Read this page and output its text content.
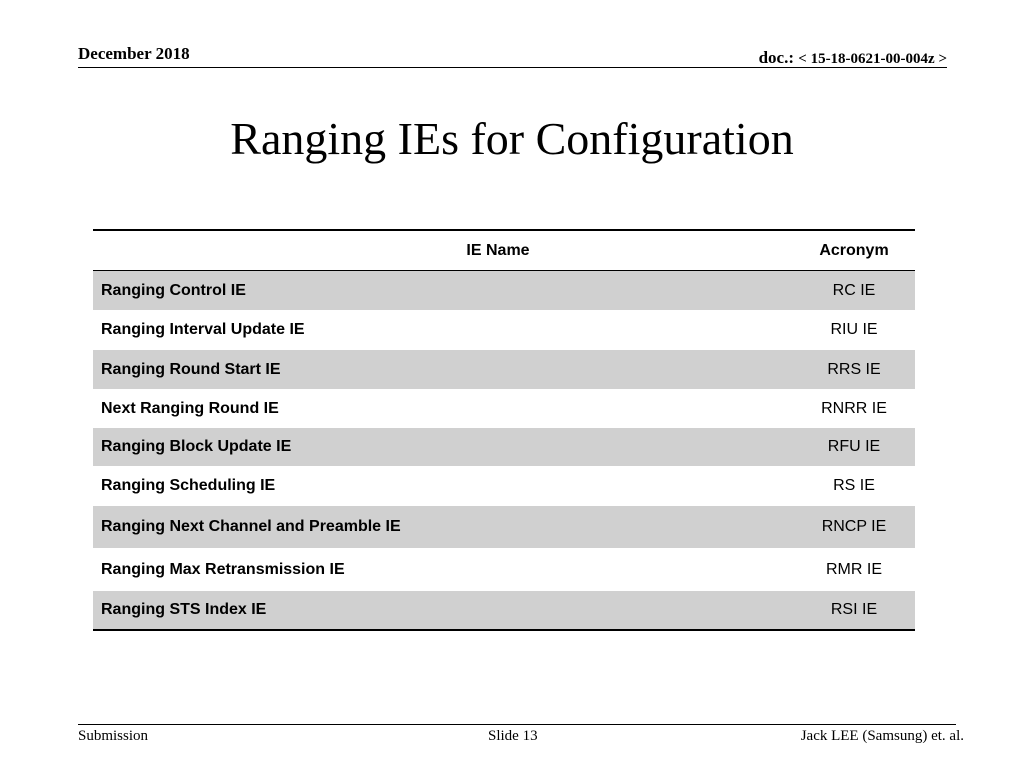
December 2018	doc.: < 15-18-0621-00-004z >
Ranging IEs for Configuration
IE Name	Acronym
Ranging Control IE	RC IE
Ranging Interval Update IE	RIU IE
Ranging Round Start IE	RRS IE
Next Ranging Round IE	RNRR IE
Ranging Block Update IE	RFU IE
Ranging Scheduling IE	RS IE
Ranging Next Channel and Preamble IE	RNCP IE
Ranging Max Retransmission IE	RMR IE
Ranging STS Index IE	RSI IE
Submission	Slide 13	Jack LEE (Samsung) et. al.
